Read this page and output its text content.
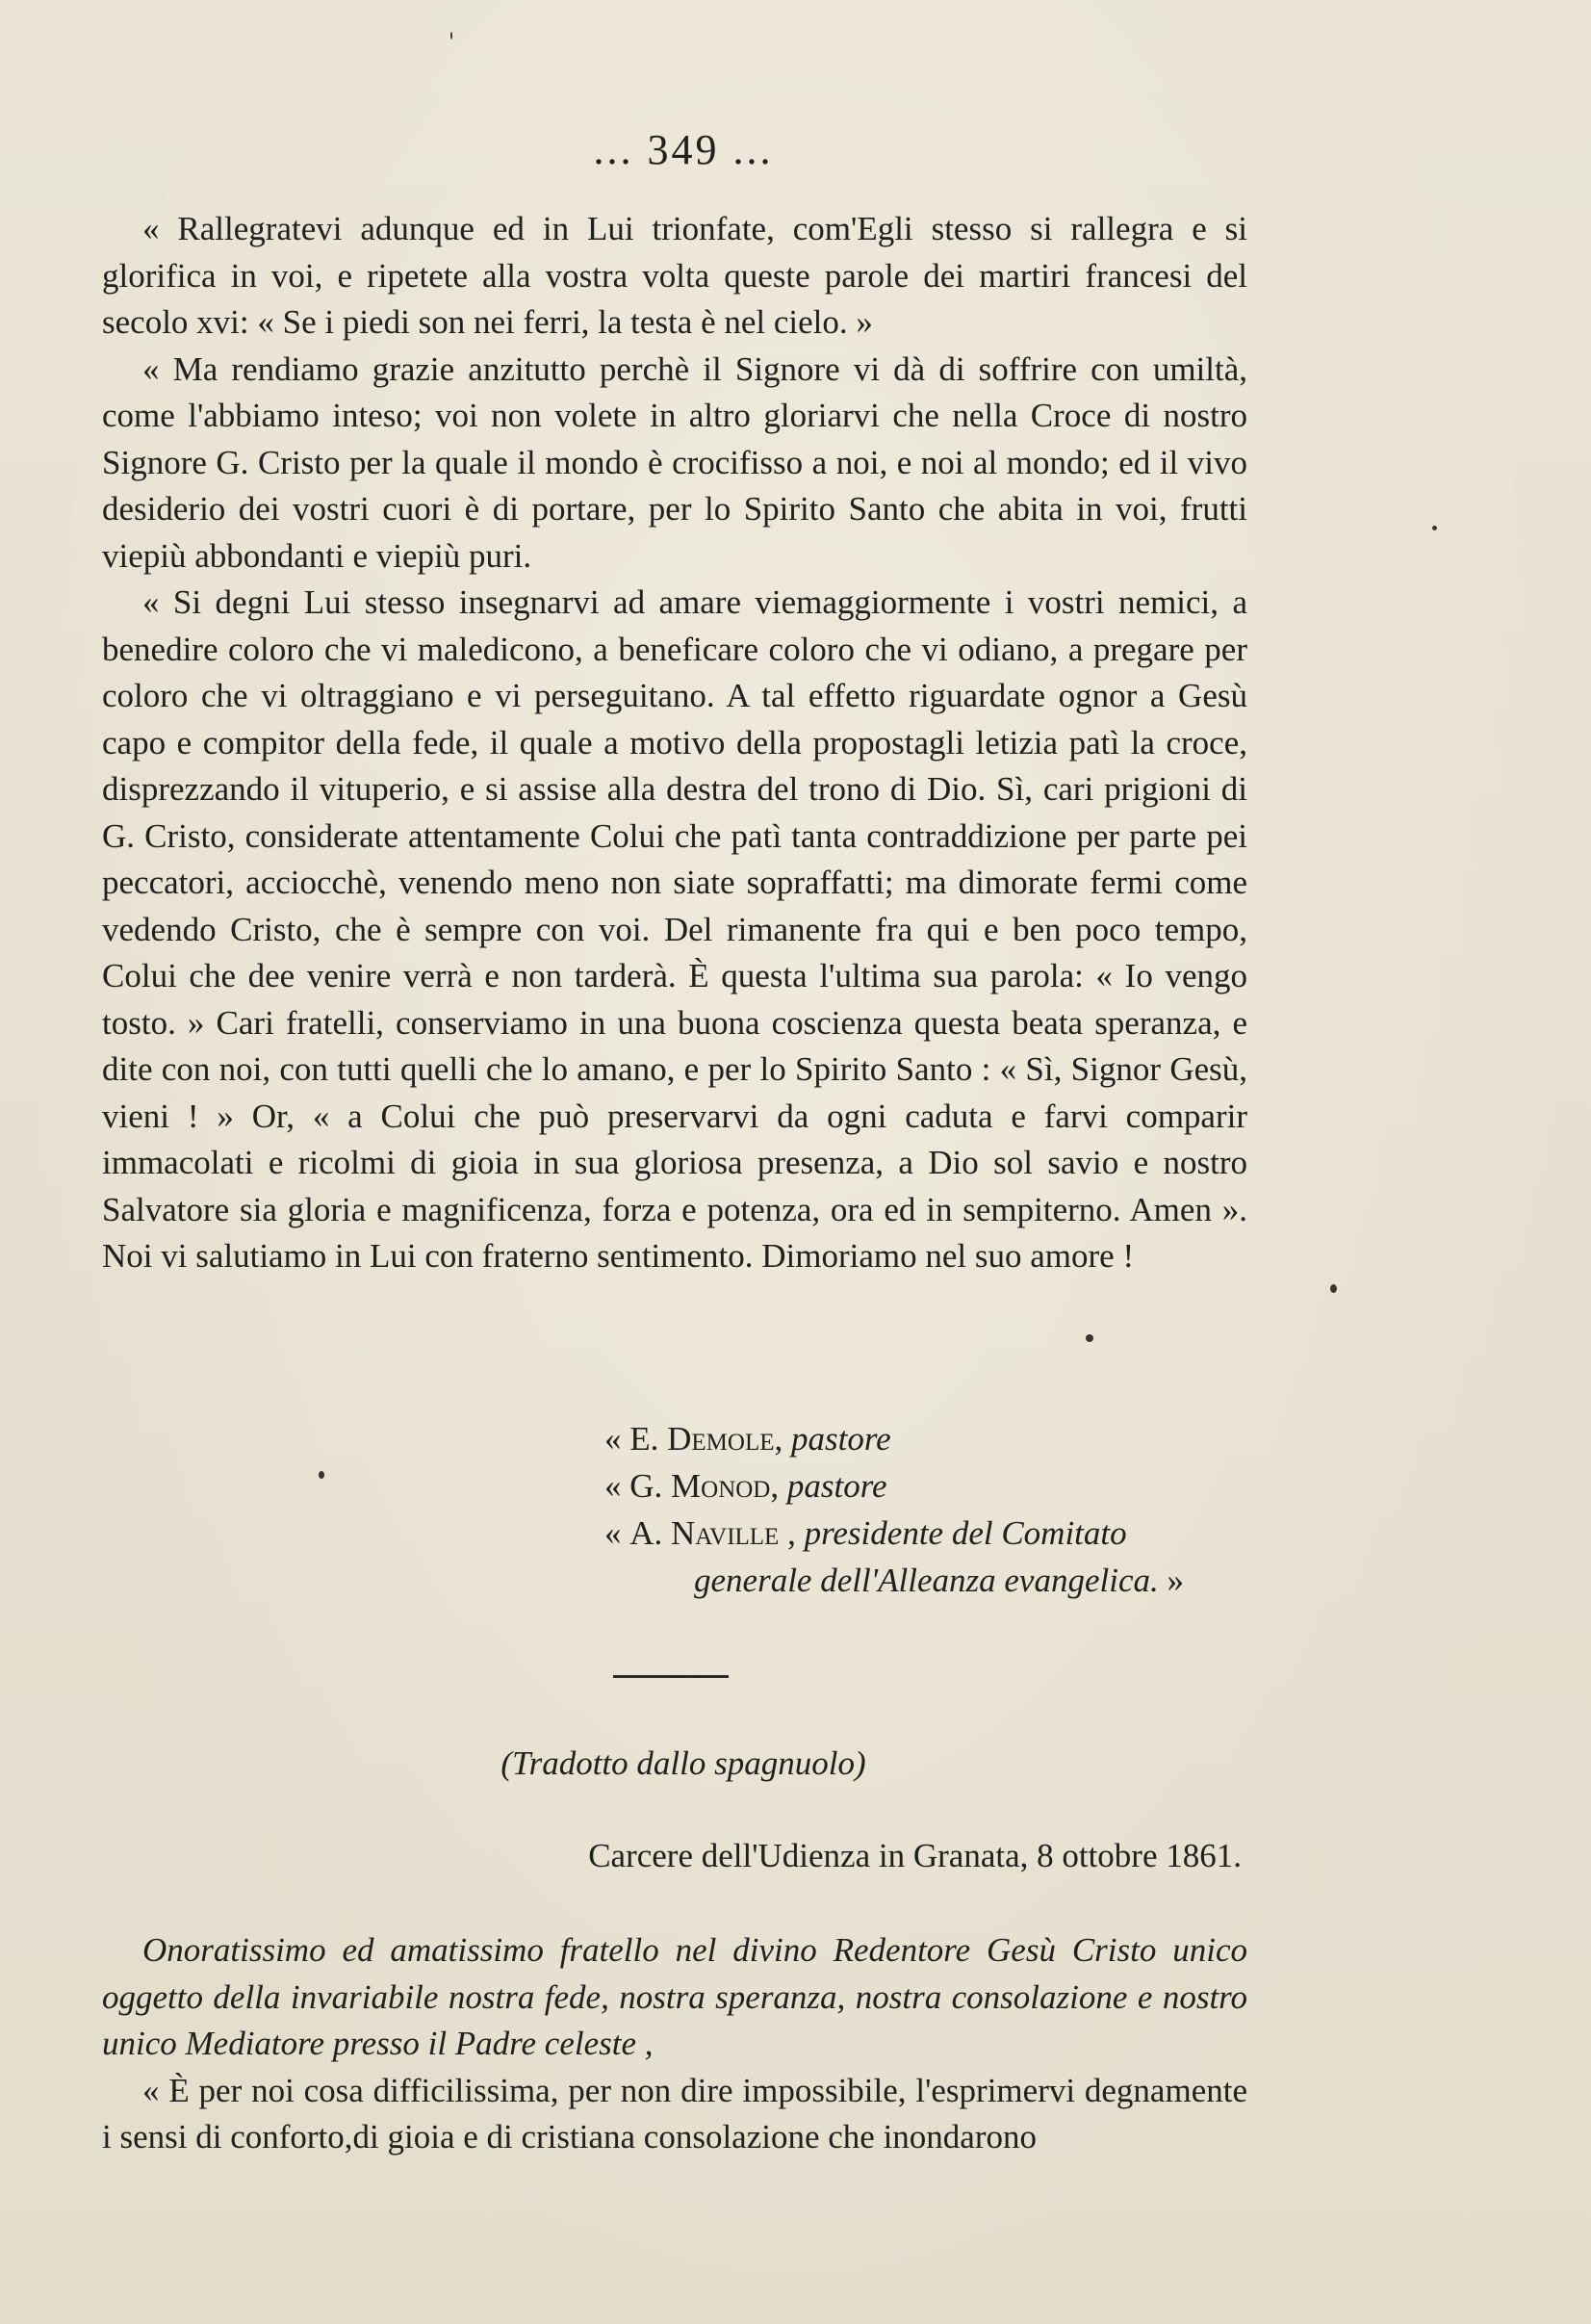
... 349 ...

« Rallegratevi adunque ed in Lui trionfate, com'Egli stesso si rallegra e si glorifica in voi, e ripetete alla vostra volta queste parole dei martiri francesi del secolo xvi: « Se i piedi son nei ferri, la testa è nel cielo. »

« Ma rendiamo grazie anzitutto perchè il Signore vi dà di soffrire con umiltà, come l'abbiamo inteso; voi non volete in altro gloriarvi che nella Croce di nostro Signore G. Cristo per la quale il mondo è crocifisso a noi, e noi al mondo; ed il vivo desiderio dei vostri cuori è di portare, per lo Spirito Santo che abita in voi, frutti viepiù abbondanti e viepiù puri.

« Si degni Lui stesso insegnarvi ad amare viemaggiormente i vostri nemici, a benedire coloro che vi maledicono, a beneficare coloro che vi odiano, a pregare per coloro che vi oltraggiano e vi perseguitano. A tal effetto riguardate ognor a Gesù capo e compitor della fede, il quale a motivo della propostagli letizia patì la croce, disprezzando il vituperio, e si assise alla destra del trono di Dio. Sì, cari prigioni di G. Cristo, considerate attentamente Colui che patì tanta contraddizione per parte pei peccatori, acciocchè, venendo meno non siate sopraffatti; ma dimorate fermi come vedendo Cristo, che è sempre con voi. Del rimanente fra qui e ben poco tempo, Colui che dee venire verrà e non tarderà. È questa l'ultima sua parola: « Io vengo tosto. » Cari fratelli, conserviamo in una buona coscienza questa beata speranza, e dite con noi, con tutti quelli che lo amano, e per lo Spirito Santo : « Sì, Signor Gesù, vieni ! » Or, « a Colui che può preservarvi da ogni caduta e farvi comparir immacolati e ricolmi di gioia in sua gloriosa presenza, a Dio sol savio e nostro Salvatore sia gloria e magnificenza, forza e potenza, ora ed in sempiterno. Amen ». Noi vi salutiamo in Lui con fraterno sentimento. Dimoriamo nel suo amore !

« E. Demole, pastore
« G. Monod, pastore
« A. Naville , presidente del Comitato
generale dell'Alleanza evangelica. »
(Tradotto dallo spagnuolo)
Carcere dell'Udienza in Granata, 8 ottobre 1861.

Onoratissimo ed amatissimo fratello nel divino Redentore Gesù Cristo unico oggetto della invariabile nostra fede, nostra speranza, nostra consolazione e nostro unico Mediatore presso il Padre celeste ,

« È per noi cosa difficilissima, per non dire impossibile, l'esprimervi degnamente i sensi di conforto,di gioia e di cristiana consolazione che inondarono
